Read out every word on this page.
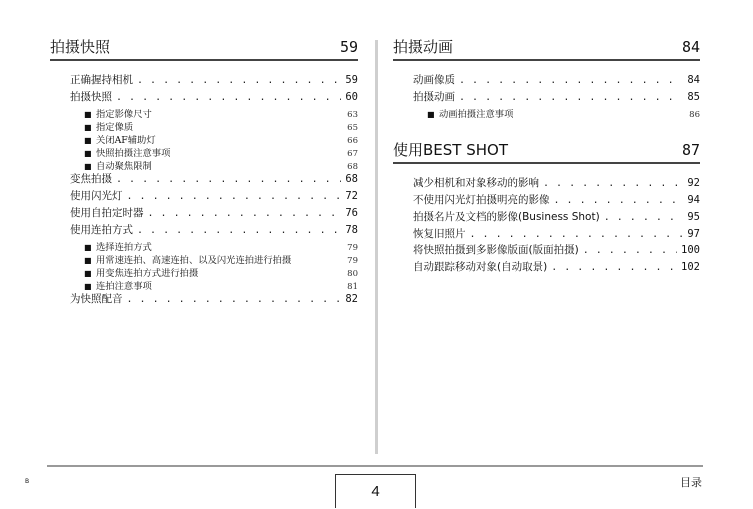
拍摄快照	59
正确握持相机 . . .	59
拍摄快照 . . .	60
■ 指定影像尺寸	63
■ 指定像质	65
■ 关闭AF辅助灯	66
■ 快照拍摄注意事项	67
■ 自动聚焦限制	68
变焦拍摄 . . .	68
使用闪光灯 . . .	72
使用自拍定时器 . . .	76
使用连拍方式 . . .	78
■ 选择连拍方式	79
■ 用常速连拍、高速连拍、以及闪光连拍进行拍摄	79
■ 用变焦连拍方式进行拍摄	80
■ 连拍注意事项	81
为快照配音 . . .	82
拍摄动画	84
动画像质 . . .	84
拍摄动画 . . .	85
■ 动画拍摄注意事项	86
使用BEST SHOT	87
减少相机和对象移动的影响 . . .	92
不使用闪光灯拍摄明亮的影像 . . .	94
拍摄名片及文档的影像(Business Shot) . . .	95
恢复旧照片 . . .	97
将快照拍摄到多影像版面(版面拍摄) . . .	100
自动跟踪移动对象(自动取景) . . .	102
B
4
目录
